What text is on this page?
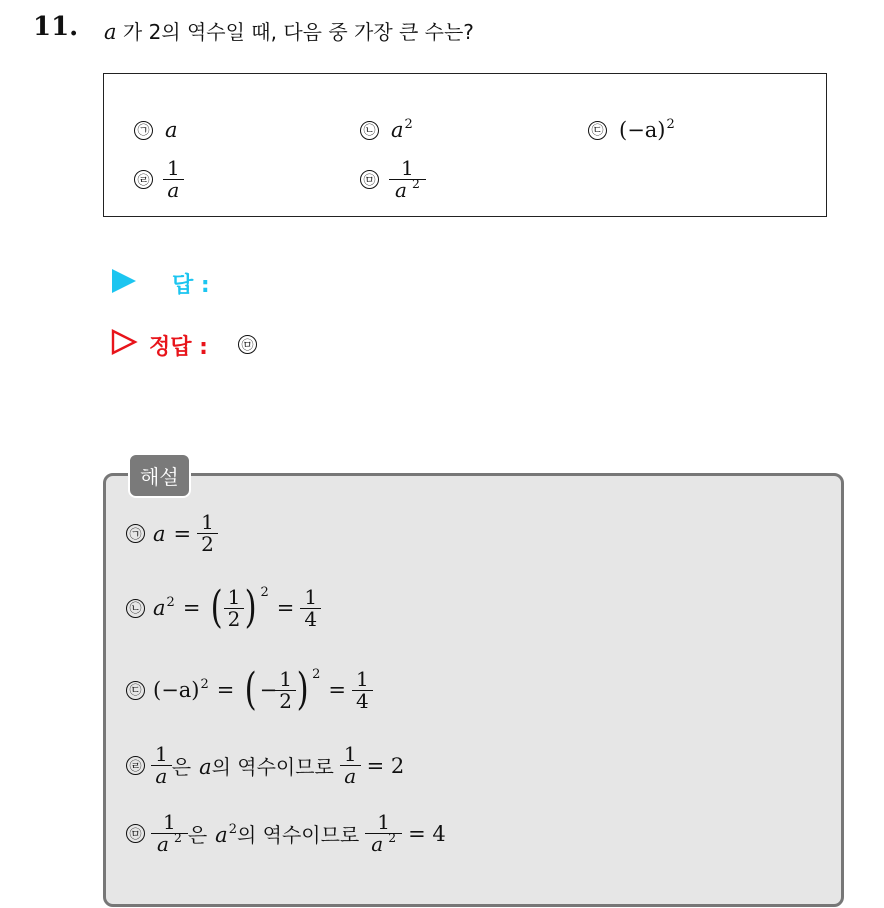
11. a 가 2의 역수일 때, 다음 중 가장 큰 수는?
㉠ a	㉡ $a^2$	㉢ $(-a)^2$
㉣ $\frac{1}{a}$	㉤ $\frac{1}{a ^2}$
답 :
정답 :	㉤
해설
㉠ $a = \frac{1}{2}$
㉡ $a^2$ = ( $\frac{1}{2}$ ) 2
= $\frac{1}{4}$
㉢ $(-a)^2$ = ( − $\frac{1}{2}$ ) 2
= $\frac{1}{4}$
㉣ $\frac{1}{a}$ 은 a의 역수이므로 $\frac{1}{a} = 2$
㉤ $\frac{1}{a ^2}$ 은 $a^2$의 역수이므로 $\frac{1}{a ^2} = 4$
